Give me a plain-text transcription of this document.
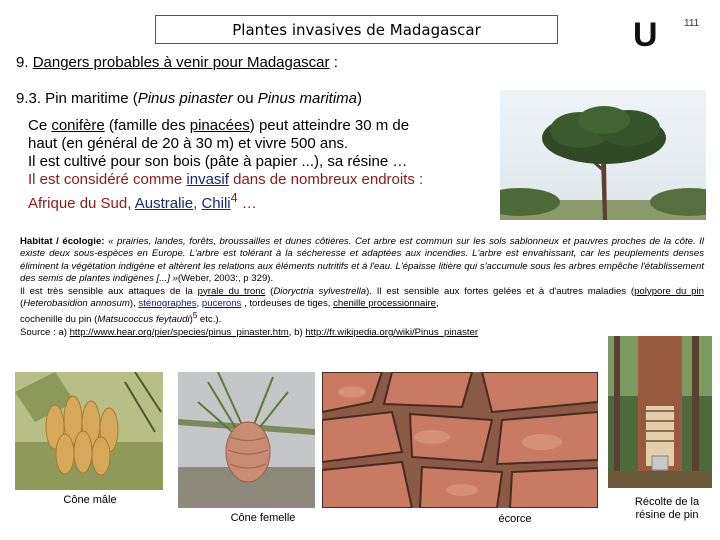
Plantes invasives de Madagascar	U	111
9. Dangers probables à venir pour Madagascar :
9.3. Pin maritime (Pinus pinaster ou Pinus maritima)
Ce conifère (famille des pinacées) peut atteindre 30 m de
haut (en général de 20 à 30 m) et vivre 500 ans.
Il est cultivé pour son bois (pâte à papier ...), sa résine …
Il est considéré comme invasif dans de nombreux endroits :
Afrique du Sud, Australie, Chili$^4$ …
Habitat / écologie: « prairies, landes, forêts, broussailles et dunes côtières. Cet arbre est commun sur les sols sablonneux et pauvres proches de la côte. Il existe deux sous-espèces en Europe. L'arbre est tolérant à la sécheresse et adaptées aux incendies. L'arbre est envahissant, car les peuplements denses éliminent la végétation indigène et altèrent les relations aux éléments nutritifs et à l'eau. L'épaisse litière qui s'accumule sous les arbres empêche l'établissement des semis de plantes indigènes [...] »(Weber, 2003:, p 329).
Il est très sensible aux attaques de la pyrale du tronc (Dioryctria sylvestrella). Il est sensible aux fortes gelées et à d'autres maladies (polypore du pin (Heterobasidion annosum), sténographes, pucerons , tordeuses de tiges, chenille processionnaire,
cochenille du pin (Matsucoccus feytaudi)$^5$ etc.).
Source : a) http://www.hear.org/pier/species/pinus_pinaster.htm, b) http://fr.wikipedia.org/wiki/Pinus_pinaster
Cône mâle
Cône femelle	écorce
Récolte de la résine de pin
